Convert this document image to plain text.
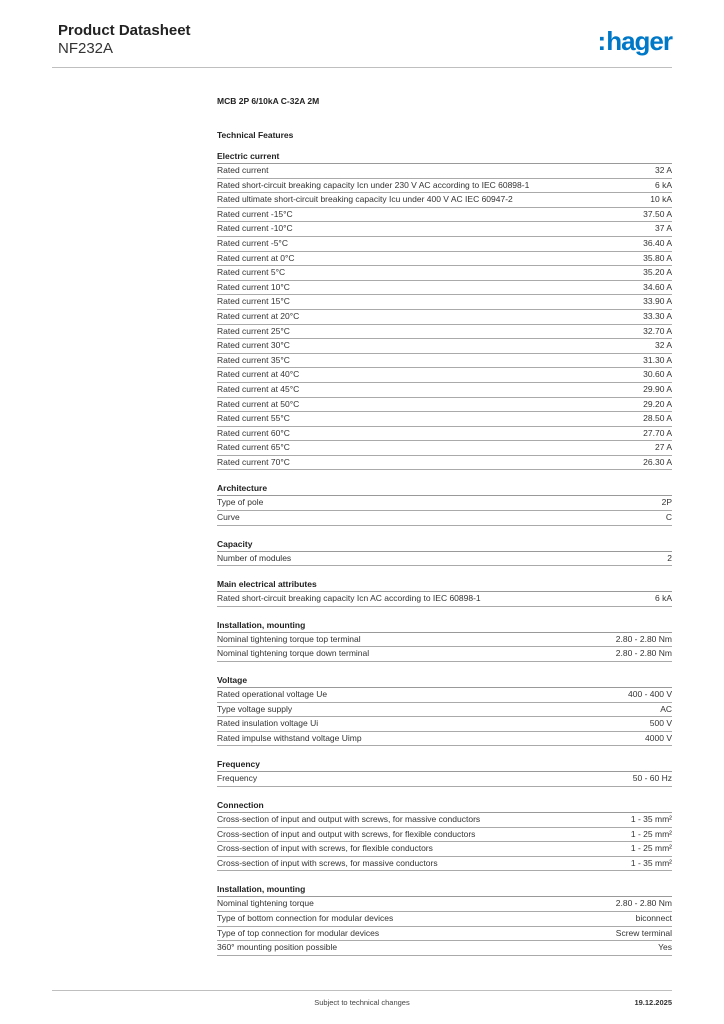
Product Datasheet
NF232A	:hager
MCB 2P 6/10kA C-32A 2M
Technical Features
Electric current
Rated current	32 A
Rated short-circuit breaking capacity Icn under 230 V AC according to IEC 60898-1	6 kA
Rated ultimate short-circuit breaking capacity Icu under 400 V AC IEC 60947-2	10 kA
Rated current -15°C	37.50 A
Rated current -10°C	37 A
Rated current -5°C	36.40 A
Rated current at 0°C	35.80 A
Rated current 5°C	35.20 A
Rated current 10°C	34.60 A
Rated current 15°C	33.90 A
Rated current at 20°C	33.30 A
Rated current 25°C	32.70 A
Rated current 30°C	32 A
Rated current 35°C	31.30 A
Rated current at 40°C	30.60 A
Rated current at 45°C	29.90 A
Rated current at 50°C	29.20 A
Rated current 55°C	28.50 A
Rated current 60°C	27.70 A
Rated current 65°C	27 A
Rated current 70°C	26.30 A
Architecture
Type of pole	2P
Curve	C
Capacity
Number of modules	2
Main electrical attributes
Rated short-circuit breaking capacity Icn AC according to IEC 60898-1	6 kA
Installation, mounting
Nominal tightening torque top terminal	2.80 - 2.80 Nm
Nominal tightening torque down terminal	2.80 - 2.80 Nm
Voltage
Rated operational voltage Ue	400 - 400 V
Type voltage supply	AC
Rated insulation voltage Ui	500 V
Rated impulse withstand voltage Uimp	4000 V
Frequency
Frequency	50 - 60 Hz
Connection
Cross-section of input and output with screws, for massive conductors	1 - 35 mm²
Cross-section of input and output with screws, for flexible conductors	1 - 25 mm²
Cross-section of input with screws, for flexible conductors	1 - 25 mm²
Cross-section of input with screws, for massive conductors	1 - 35 mm²
Installation, mounting
Nominal tightening torque	2.80 - 2.80 Nm
Type of bottom connection for modular devices	biconnect
Type of top connection for modular devices	Screw terminal
360° mounting position possible	Yes
Subject to technical changes	19.12.2025
